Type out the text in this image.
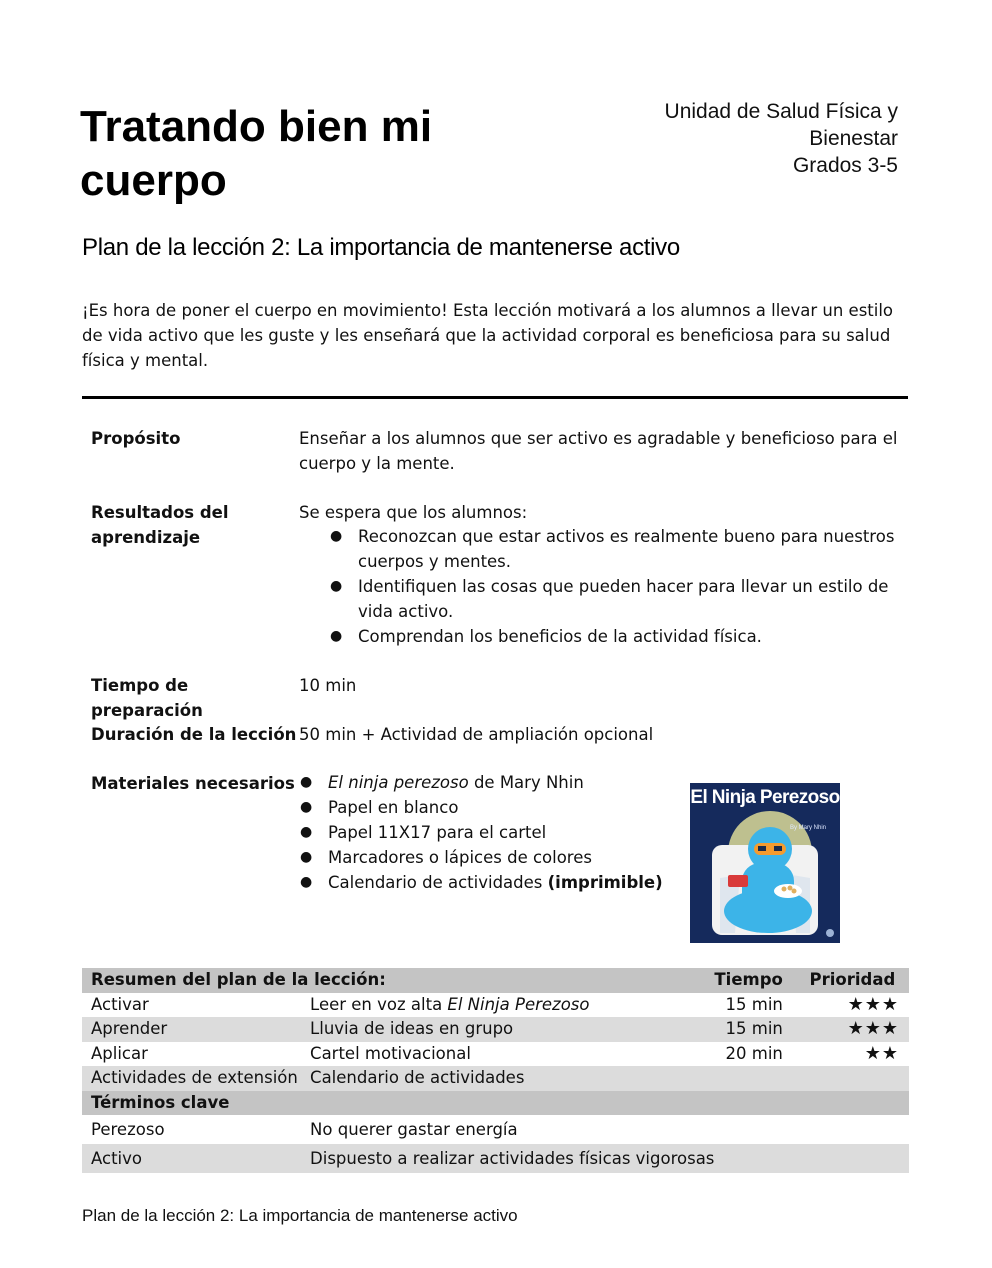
Tratando bien mi cuerpo
Unidad de Salud Física y
Bienestar
Grados 3-5
Plan de la lección 2: La importancia de mantenerse activo

¡Es hora de poner el cuerpo en movimiento! Esta lección motivará a los alumnos a llevar un estilo de vida activo que les guste y les enseñará que la actividad corporal es beneficiosa para su salud física y mental.

Propósito	Enseñar a los alumnos que ser activo es agradable y beneficioso para el cuerpo y la mente.
Resultados del
aprendizaje
Se espera que los alumnos:
● Reconozcan que estar activos es realmente bueno para nuestros cuerpos y mentes.
● Identifiquen las cosas que pueden hacer para llevar un estilo de vida activo.
● Comprendan los beneficios de la actividad física.
Tiempo de
preparación
10 min
Duración de la lección 50 min + Actividad de ampliación opcional
Materiales necesarios ● El ninja perezoso de Mary Nhin
● Papel en blanco
● Papel 11X17 para el cartel
● Marcadores o lápices de colores
● Calendario de actividades (imprimible)
El Ninja Perezoso
By Mary Nhin
Resumen del plan de la lección:		Tiempo	Prioridad
Activar	Leer en voz alta El Ninja Perezoso	15 min	★★★
Aprender	Lluvia de ideas en grupo	15 min	★★★
Aplicar	Cartel motivacional	20 min	★★
Actividades de extensión	Calendario de actividades		
Términos clave			
Perezoso	No querer gastar energía		
Activo	Dispuesto a realizar actividades físicas vigorosas		
Plan de la lección 2: La importancia de mantenerse activo
